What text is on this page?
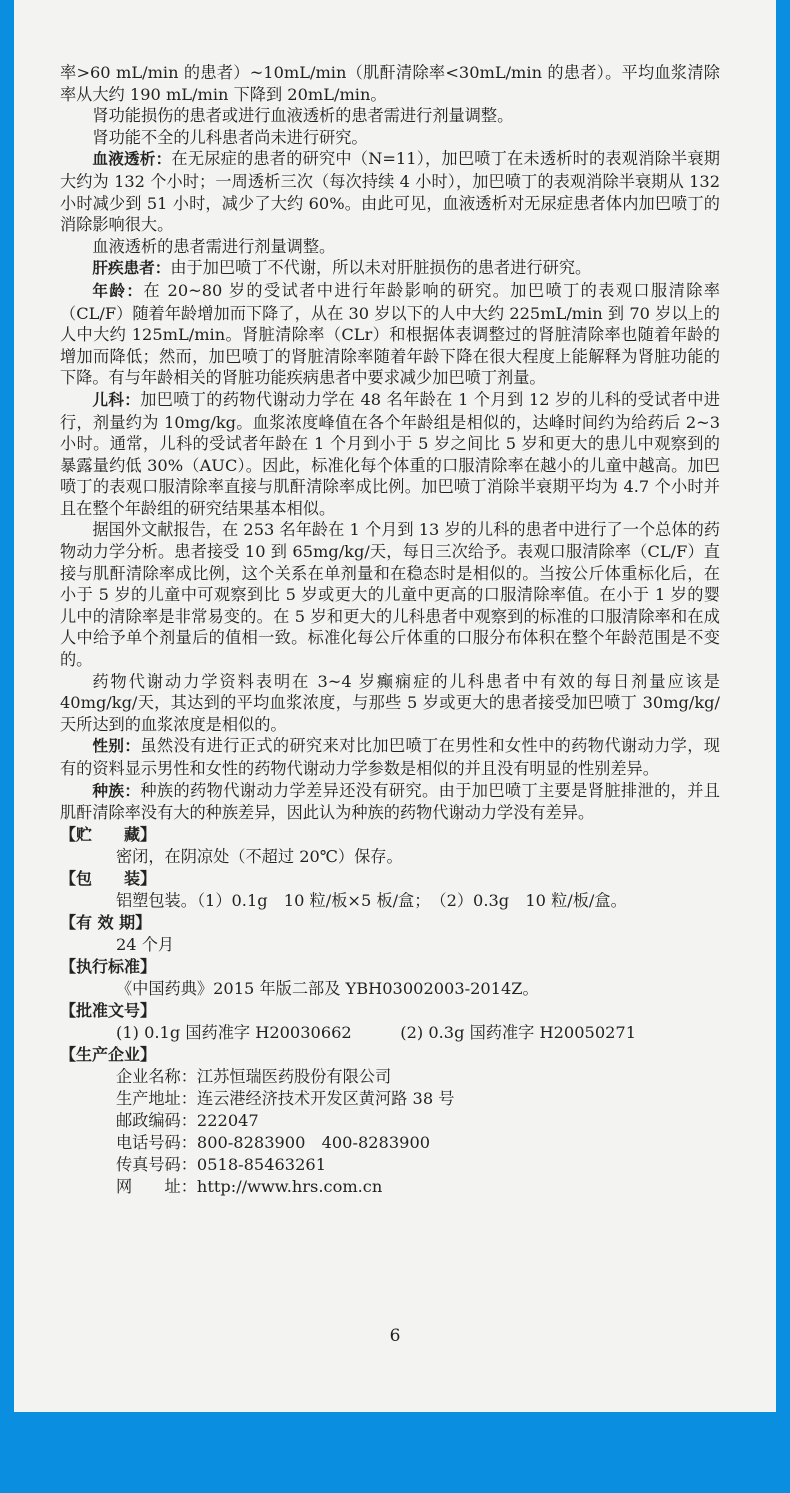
率>60 mL/min 的患者）~10mL/min（肌酐清除率<30mL/min 的患者）。平均血浆清除率从大约 190 mL/min 下降到 20mL/min。

肾功能损伤的患者或进行血液透析的患者需进行剂量调整。

肾功能不全的儿科患者尚未进行研究。

血液透析：在无尿症的患者的研究中（N=11），加巴喷丁在未透析时的表观消除半衰期大约为 132 个小时；一周透析三次（每次持续 4 小时），加巴喷丁的表观消除半衰期从 132 小时减少到 51 小时，减少了大约 60%。由此可见，血液透析对无尿症患者体内加巴喷丁的消除影响很大。

血液透析的患者需进行剂量调整。

肝疾患者：由于加巴喷丁不代谢，所以未对肝脏损伤的患者进行研究。

年龄：在 20~80 岁的受试者中进行年龄影响的研究。加巴喷丁的表观口服清除率（CL/F）随着年龄增加而下降了，从在 30 岁以下的人中大约 225mL/min 到 70 岁以上的人中大约 125mL/min。肾脏清除率（CLr）和根据体表调整过的肾脏清除率也随着年龄的增加而降低；然而，加巴喷丁的肾脏清除率随着年龄下降在很大程度上能解释为肾脏功能的下降。有与年龄相关的肾脏功能疾病患者中要求减少加巴喷丁剂量。

儿科：加巴喷丁的药物代谢动力学在 48 名年龄在 1 个月到 12 岁的儿科的受试者中进行，剂量约为 10mg/kg。血浆浓度峰值在各个年龄组是相似的，达峰时间约为给药后 2~3 小时。通常，儿科的受试者年龄在 1 个月到小于 5 岁之间比 5 岁和更大的患儿中观察到的暴露量约低 30%（AUC）。因此，标准化每个体重的口服清除率在越小的儿童中越高。加巴喷丁的表观口服清除率直接与肌酐清除率成比例。加巴喷丁消除半衰期平均为 4.7 个小时并且在整个年龄组的研究结果基本相似。

据国外文献报告，在 253 名年龄在 1 个月到 13 岁的儿科的患者中进行了一个总体的药物动力学分析。患者接受 10 到 65mg/kg/天，每日三次给予。表观口服清除率（CL/F）直接与肌酐清除率成比例，这个关系在单剂量和在稳态时是相似的。当按公斤体重标化后，在小于 5 岁的儿童中可观察到比 5 岁或更大的儿童中更高的口服清除率值。在小于 1 岁的婴儿中的清除率是非常易变的。在 5 岁和更大的儿科患者中观察到的标准的口服清除率和在成人中给予单个剂量后的值相一致。标准化每公斤体重的口服分布体积在整个年龄范围是不变的。

药物代谢动力学资料表明在 3~4 岁癫痫症的儿科患者中有效的每日剂量应该是 40mg/kg/天，其达到的平均血浆浓度，与那些 5 岁或更大的患者接受加巴喷丁 30mg/kg/天所达到的血浆浓度是相似的。

性别：虽然没有进行正式的研究来对比加巴喷丁在男性和女性中的药物代谢动力学，现有的资料显示男性和女性的药物代谢动力学参数是相似的并且没有明显的性别差异。

种族：种族的药物代谢动力学差异还没有研究。由于加巴喷丁主要是肾脏排泄的，并且肌酐清除率没有大的种族差异，因此认为种族的药物代谢动力学没有差异。

【贮　　藏】
密闭，在阴凉处（不超过 20℃）保存。
【包　　装】
铝塑包装。（1）0.1g　10 粒/板×5 板/盒；　（2）0.3g　10 粒/板/盒。
【有 效 期】
24 个月
【执行标准】
《中国药典》2015 年版二部及 YBH03002003-2014Z。
【批准文号】
(1) 0.1g 国药准字 H20030662　　　(2) 0.3g 国药准字 H20050271
【生产企业】
企业名称：江苏恒瑞医药股份有限公司
生产地址：连云港经济技术开发区黄河路 38 号
邮政编码：222047
电话号码：800-8283900　400-8283900
传真号码：0518-85463261
网　　址：http://www.hrs.com.cn
6
